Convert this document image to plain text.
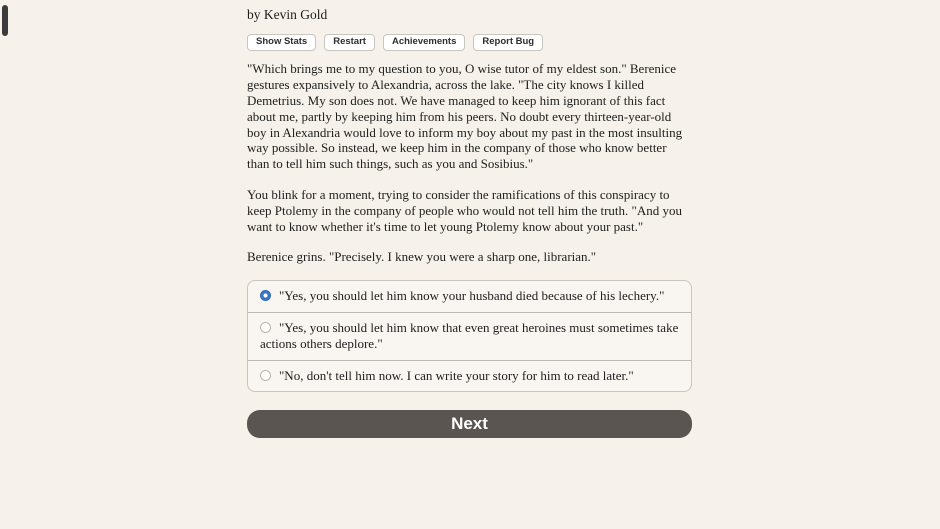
by Kevin Gold
Show Stats	Restart	Achievements	Report Bug

"Which brings me to my question to you, O wise tutor of my eldest son." Berenice gestures expansively to Alexandria, across the lake. "The city knows I killed Demetrius. My son does not. We have managed to keep him ignorant of this fact about me, partly by keeping him from his peers. No doubt every thirteen-year-old boy in Alexandria would love to inform my boy about my past in the most insulting way possible. So instead, we keep him in the company of those who know better than to tell him such things, such as you and Sosibius."

You blink for a moment, trying to consider the ramifications of this conspiracy to keep Ptolemy in the company of people who would not tell him the truth. "And you want to know whether it's time to let young Ptolemy know about your past."

Berenice grins. "Precisely. I knew you were a sharp one, librarian."

"Yes, you should let him know your husband died because of his lechery."
"Yes, you should let him know that even great heroines must sometimes take actions others deplore."
"No, don't tell him now. I can write your story for him to read later."
Next
